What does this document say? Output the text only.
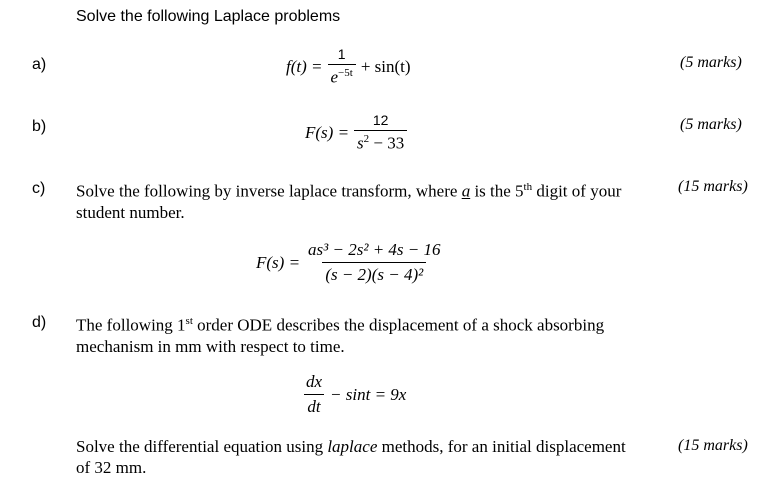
Solve the following Laplace problems
a)	(5 marks)
$f(t) = \frac{1}{e^{-5t}} + \sin(t)$
b)	(5 marks)
$F(s) = \frac{12}{s^2 - 33}$
c)	(15 marks)
Solve the following by inverse laplace transform, where a is the 5th digit of your
student number.
$F(s) = \frac{\text{as³ − 2s² + 4s − 16}}{\text{(s − 2)(s − 4)²}}$
d) The following 1st order ODE describes the displacement of a shock absorbing
mechanism in mm with respect to time.
$\frac{dx}{dt} - \sin t = 9x$
(15 marks)
Solve the differential equation using laplace methods, for an initial displacement
of 32 mm.
